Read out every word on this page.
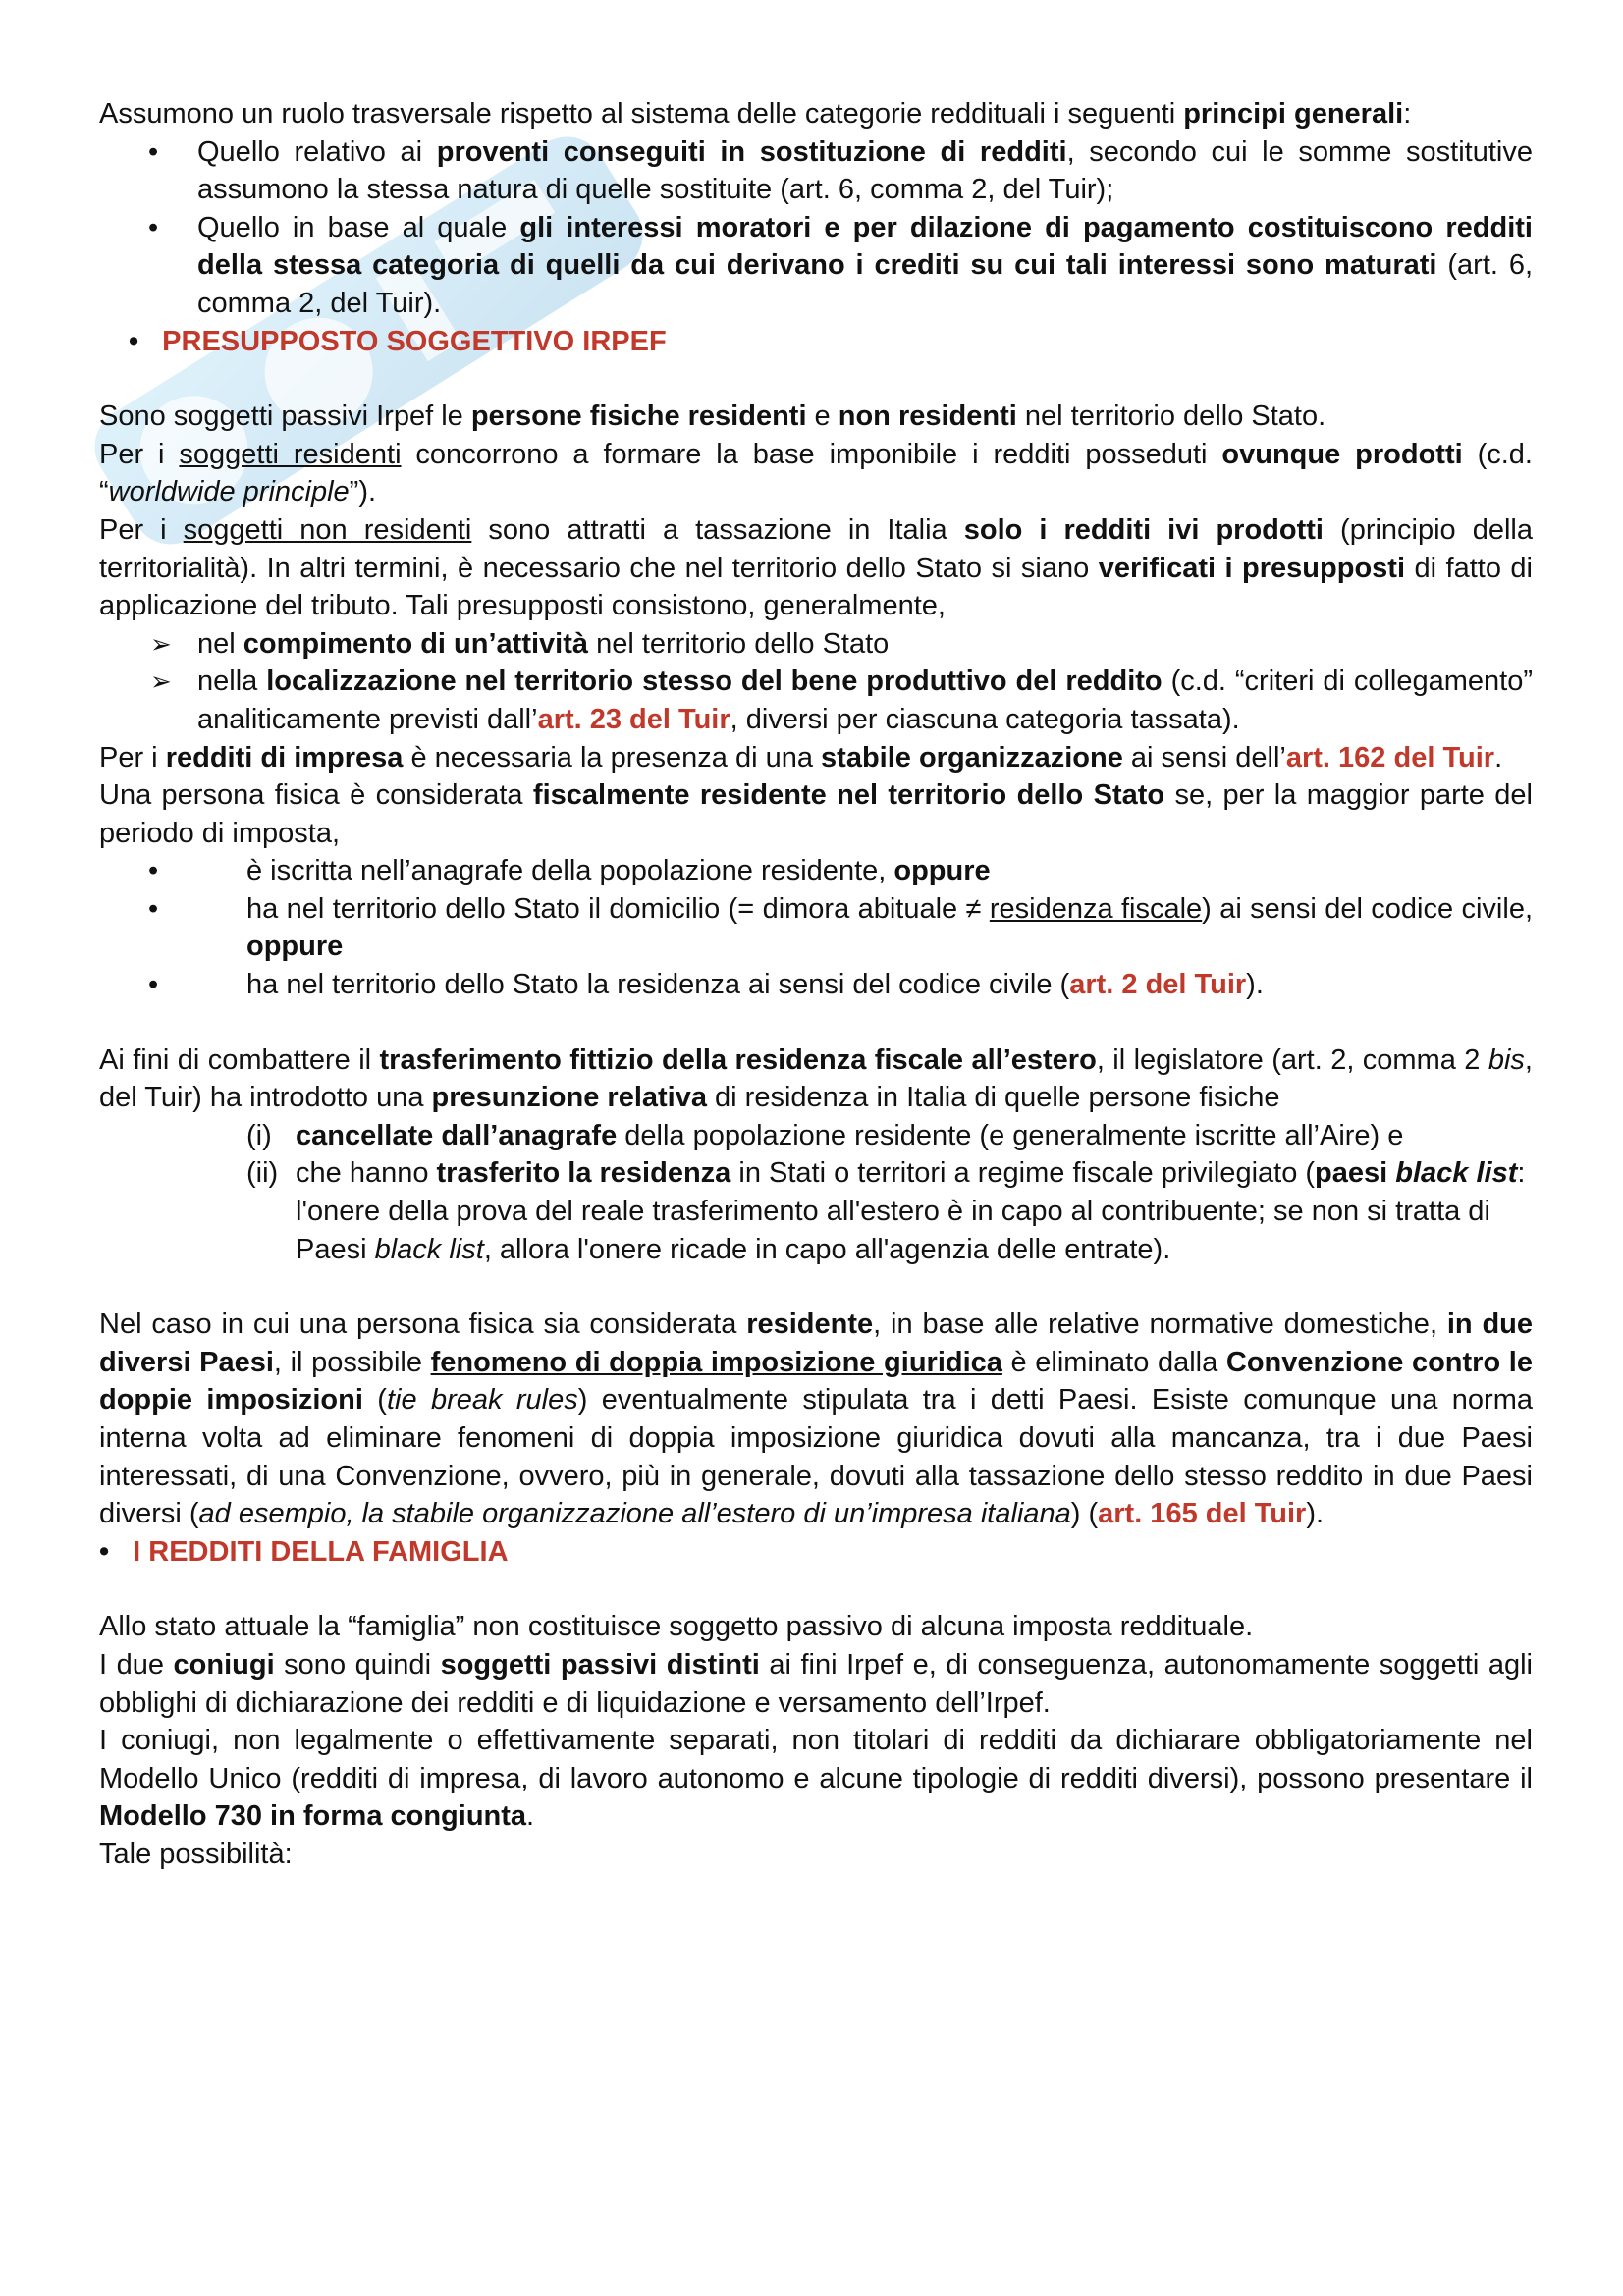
Assumono un ruolo trasversale rispetto al sistema delle categorie reddituali i seguenti principi generali:

• Quello relativo ai proventi conseguiti in sostituzione di redditi, secondo cui le somme sostitutive assumono la stessa natura di quelle sostituite (art. 6, comma 2, del Tuir);
• Quello in base al quale gli interessi moratori e per dilazione di pagamento costituiscono redditi della stessa categoria di quelli da cui derivano i crediti su cui tali interessi sono maturati (art. 6, comma 2, del Tuir).

• PRESUPPOSTO SOGGETTIVO IRPEF

Sono soggetti passivi Irpef le persone fisiche residenti e non residenti nel territorio dello Stato.

Per i soggetti residenti concorrono a formare la base imponibile i redditi posseduti ovunque prodotti (c.d. “worldwide principle”).

Per i soggetti non residenti sono attratti a tassazione in Italia solo i redditi ivi prodotti (principio della territorialità). In altri termini, è necessario che nel territorio dello Stato si siano verificati i presupposti di fatto di applicazione del tributo. Tali presupposti consistono, generalmente,

➢ nel compimento di un’attività nel territorio dello Stato
➢ nella localizzazione nel territorio stesso del bene produttivo del reddito (c.d. “criteri di collegamento” analiticamente previsti dall’art. 23 del Tuir, diversi per ciascuna categoria tassata).

Per i redditi di impresa è necessaria la presenza di una stabile organizzazione ai sensi dell’art. 162 del Tuir.

Una persona fisica è considerata fiscalmente residente nel territorio dello Stato se, per la maggior parte del periodo di imposta,

•	è iscritta nell’anagrafe della popolazione residente, oppure
•	ha nel territorio dello Stato il domicilio (= dimora abituale ≠ residenza fiscale) ai sensi del codice civile, oppure
•	ha nel territorio dello Stato la residenza ai sensi del codice civile (art. 2 del Tuir).

Ai fini di combattere il trasferimento fittizio della residenza fiscale all’estero, il legislatore (art. 2, comma 2 bis, del Tuir) ha introdotto una presunzione relativa di residenza in Italia di quelle persone fisiche

(i) cancellate dall’anagrafe della popolazione residente (e generalmente iscritte all’Aire) e
(ii) che hanno trasferito la residenza in Stati o territori a regime fiscale privilegiato (paesi black list: l'onere della prova del reale trasferimento all'estero è in capo al contribuente; se non si tratta di Paesi black list, allora l'onere ricade in capo all'agenzia delle entrate).

Nel caso in cui una persona fisica sia considerata residente, in base alle relative normative domestiche, in due diversi Paesi, il possibile fenomeno di doppia imposizione giuridica è eliminato dalla Convenzione contro le doppie imposizioni (tie break rules) eventualmente stipulata tra i detti Paesi. Esiste comunque una norma interna volta ad eliminare fenomeni di doppia imposizione giuridica dovuti alla mancanza, tra i due Paesi interessati, di una Convenzione, ovvero, più in generale, dovuti alla tassazione dello stesso reddito in due Paesi diversi (ad esempio, la stabile organizzazione all’estero di un’impresa italiana) (art. 165 del Tuir).

• I REDDITI DELLA FAMIGLIA

Allo stato attuale la “famiglia” non costituisce soggetto passivo di alcuna imposta reddituale.

I due coniugi sono quindi soggetti passivi distinti ai fini Irpef e, di conseguenza, autonomamente soggetti agli obblighi di dichiarazione dei redditi e di liquidazione e versamento dell’Irpef.

I coniugi, non legalmente o effettivamente separati, non titolari di redditi da dichiarare obbligatoriamente nel Modello Unico (redditi di impresa, di lavoro autonomo e alcune tipologie di redditi diversi), possono presentare il Modello 730 in forma congiunta.

Tale possibilità:
